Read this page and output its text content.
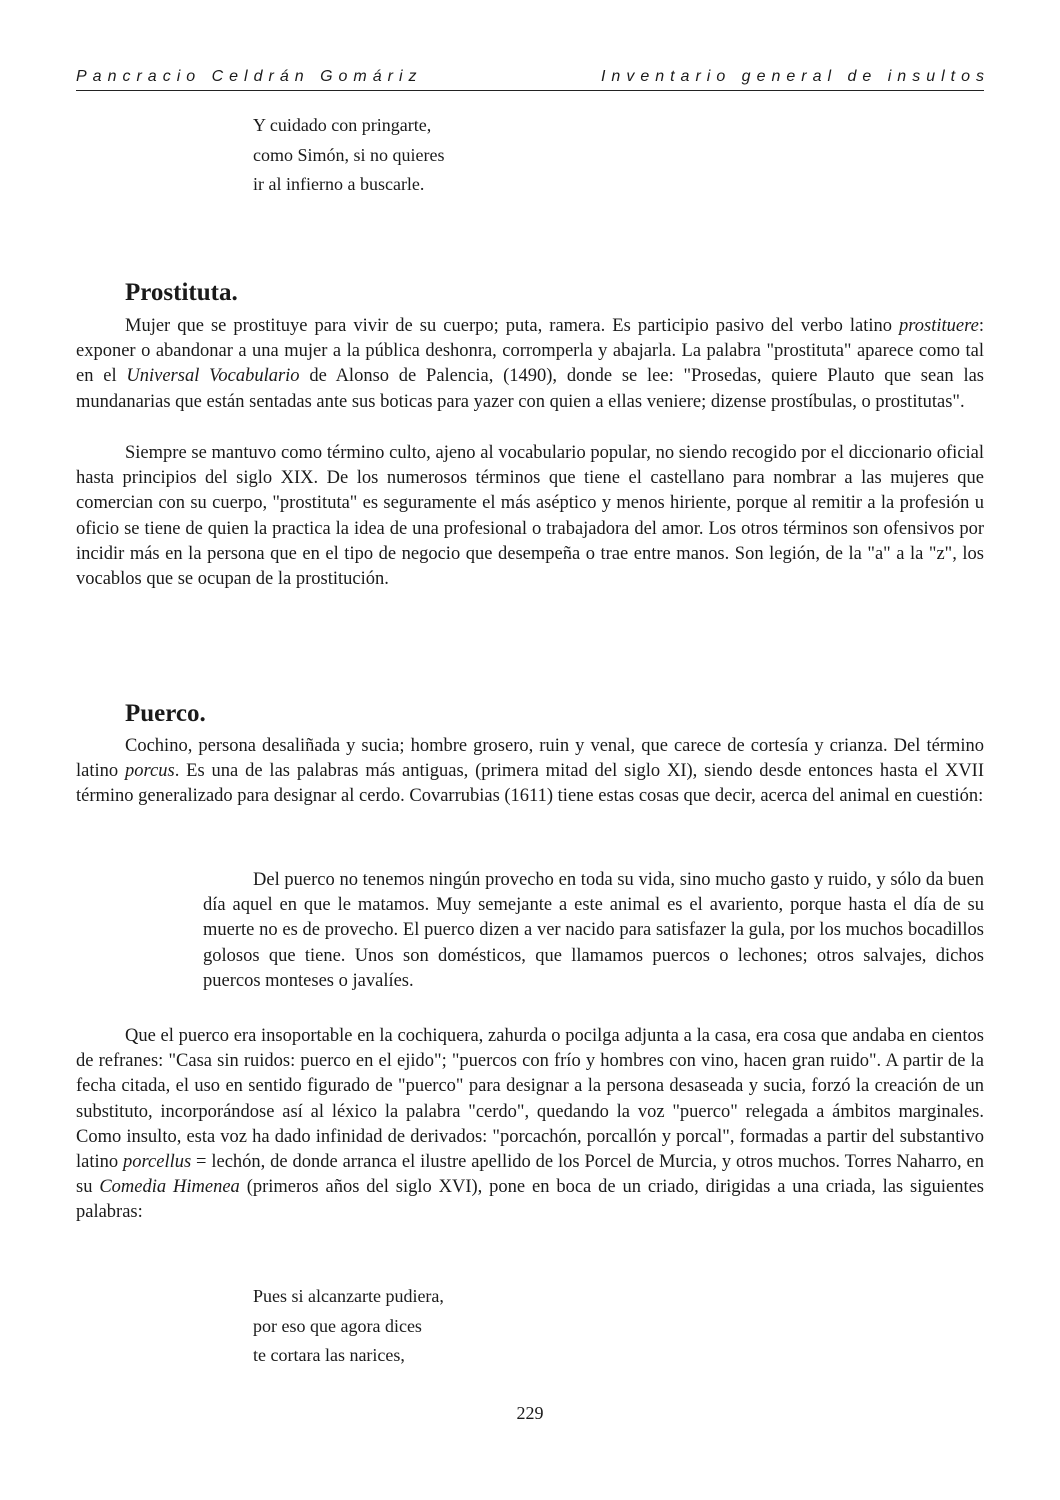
Pancracio Celdrán Gomáriz	Inventario general de insultos
Y cuidado con pringarte,
como Simón, si no quieres
ir al infierno a buscarle.
Prostituta.

Mujer que se prostituye para vivir de su cuerpo; puta, ramera. Es participio pasivo del verbo latino prostituere: exponer o abandonar a una mujer a la pública deshonra, corromperla y abajarla. La palabra "prostituta" aparece como tal en el Universal Vocabulario de Alonso de Palencia, (1490), donde se lee: "Prosedas, quiere Plauto que sean las mundanarias que están sentadas ante sus boticas para yazer con quien a ellas veniere; dizense prostíbulas, o prostitutas".

Siempre se mantuvo como término culto, ajeno al vocabulario popular, no siendo recogido por el diccionario oficial hasta principios del siglo XIX. De los numerosos términos que tiene el castellano para nombrar a las mujeres que comercian con su cuerpo, "prostituta" es seguramente el más aséptico y menos hiriente, porque al remitir a la profesión u oficio se tiene de quien la practica la idea de una profesional o trabajadora del amor. Los otros términos son ofensivos por incidir más en la persona que en el tipo de negocio que desempeña o trae entre manos. Son legión, de la "a" a la "z", los vocablos que se ocupan de la prostitución.

Puerco.

Cochino, persona desaliñada y sucia; hombre grosero, ruin y venal, que carece de cortesía y crianza. Del término latino porcus. Es una de las palabras más antiguas, (primera mitad del siglo XI), siendo desde entonces hasta el XVII término generalizado para designar al cerdo. Covarrubias (1611) tiene estas cosas que decir, acerca del animal en cuestión:

Del puerco no tenemos ningún provecho en toda su vida, sino mucho gasto y ruido, y sólo da buen día aquel en que le matamos. Muy semejante a este animal es el avariento, porque hasta el día de su muerte no es de provecho. El puerco dizen a ver nacido para satisfazer la gula, por los muchos bocadillos golosos que tiene. Unos son domésticos, que llamamos puercos o lechones; otros salvajes, dichos puercos monteses o javalíes.

Que el puerco era insoportable en la cochiquera, zahurda o pocilga adjunta a la casa, era cosa que andaba en cientos de refranes: "Casa sin ruidos: puerco en el ejido"; "puercos con frío y hombres con vino, hacen gran ruido". A partir de la fecha citada, el uso en sentido figurado de "puerco" para designar a la persona desaseada y sucia, forzó la creación de un substituto, incorporándose así al léxico la palabra "cerdo", quedando la voz "puerco" relegada a ámbitos marginales. Como insulto, esta voz ha dado infinidad de derivados: "porcachón, porcallón y porcal", formadas a partir del substantivo latino porcellus = lechón, de donde arranca el ilustre apellido de los Porcel de Murcia, y otros muchos. Torres Naharro, en su Comedia Himenea (primeros años del siglo XVI), pone en boca de un criado, dirigidas a una criada, las siguientes palabras:

Pues si alcanzarte pudiera,
por eso que agora dices
te cortara las narices,
229
